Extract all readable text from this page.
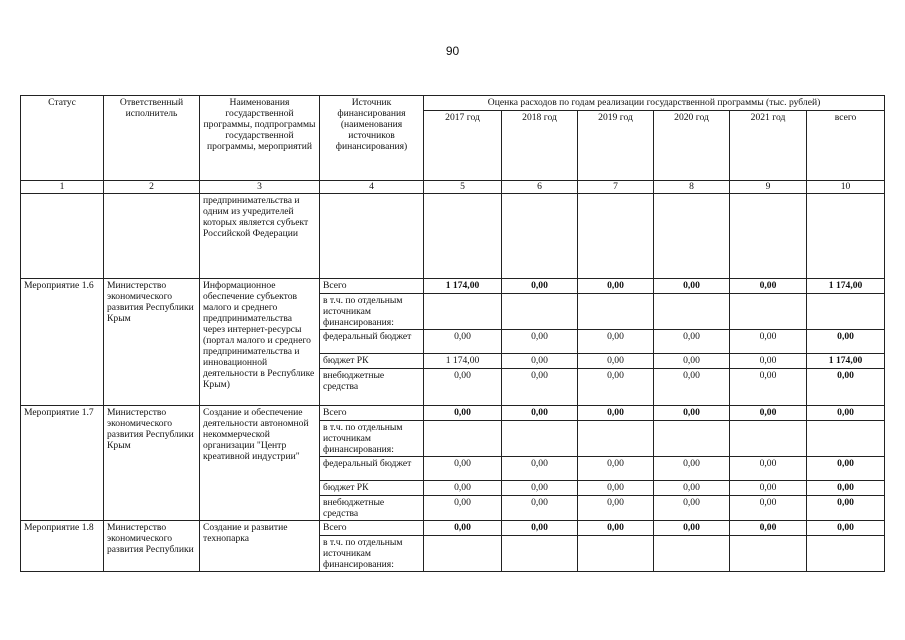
90
Статус	Ответственный исполнитель	Наименования государственной программы, подпрограммы государственной программы, мероприятий	Источник финансирования (наименования источников финансирования)	Оценка расходов по годам реализации государственной программы (тыс. рублей)					
				2017 год	2018 год	2019 год	2020 год	2021 год	всего
1	2	3	4	5	6	7	8	9	10
		предпринимательства и одним из учредителей которых является субъект Российской Федерации							
Мероприятие 1.6	Министерство экономического развития Республики Крым	Информационное обеспечение субъектов малого и среднего предпринимательства через интернет-ресурсы (портал малого и среднего предпринимательства и инновационной деятельности в Республике Крым)	Всего	1 174,00	0,00	0,00	0,00	0,00	1 174,00
			в т.ч. по отдельным источникам финансирования:						
			федеральный бюджет	0,00	0,00	0,00	0,00	0,00	0,00
			бюджет РК	1 174,00	0,00	0,00	0,00	0,00	1 174,00
			внебюджетные средства	0,00	0,00	0,00	0,00	0,00	0,00
Мероприятие 1.7	Министерство экономического развития Республики Крым	Создание и обеспечение деятельности автономной некоммерческой организации "Центр креативной индустрии"	Всего	0,00	0,00	0,00	0,00	0,00	0,00
			в т.ч. по отдельным источникам финансирования:						
			федеральный бюджет	0,00	0,00	0,00	0,00	0,00	0,00
			бюджет РК	0,00	0,00	0,00	0,00	0,00	0,00
			внебюджетные средства	0,00	0,00	0,00	0,00	0,00	0,00
Мероприятие 1.8	Министерство экономического развития Республики	Создание и развитие технопарка	Всего	0,00	0,00	0,00	0,00	0,00	0,00
			в т.ч. по отдельным источникам финансирования:						
